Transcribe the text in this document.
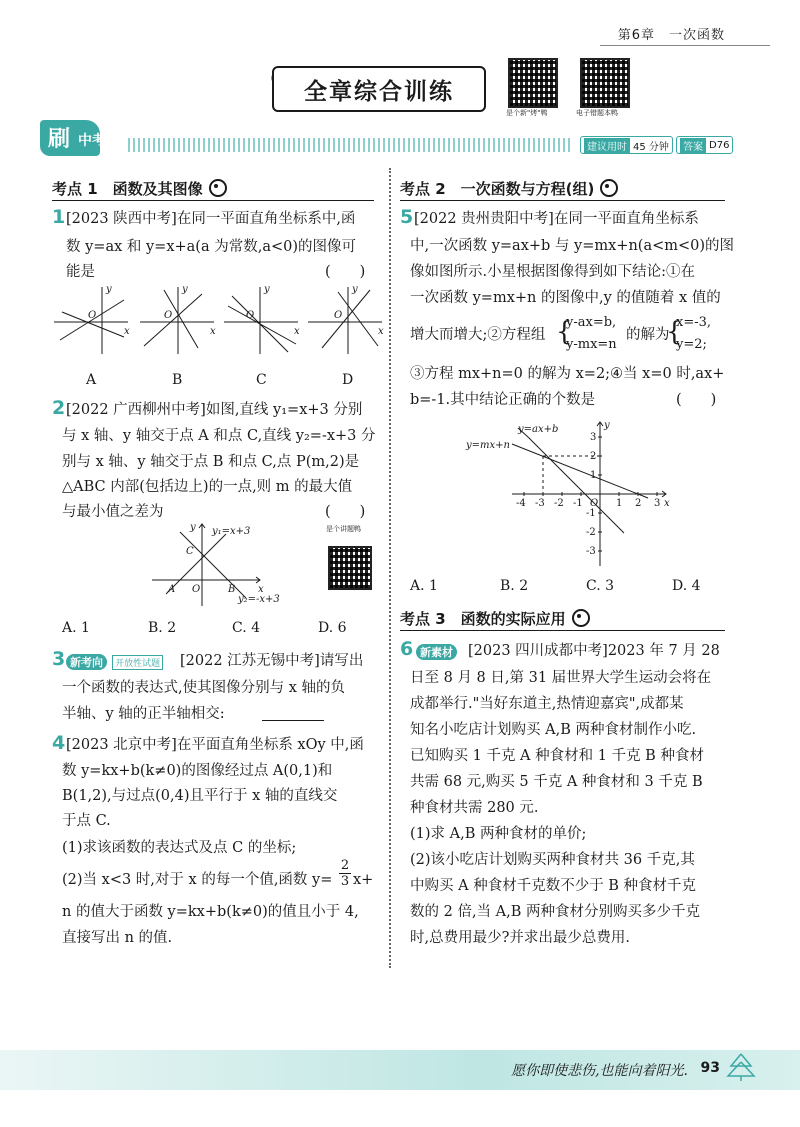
第6章　一次函数
全章综合训练
是个新"烤"鸭	电子错题本鸭
刷 中考	建议用时 45 分钟	答案 D76
考点 1　函数及其图像
1 [2023 陕西中考]在同一平面直角坐标系中,函
数 y=ax 和 y=x+a(a 为常数,a<0)的图像可
能是	(　　)
O
y
x
O
y
x
O
y
x
O
y
x
A	B	C	D
2 [2022 广西柳州中考]如图,直线 y₁=x+3 分别
与 x 轴、y 轴交于点 A 和点 C,直线 y₂=-x+3 分
别与 x 轴、y 轴交于点 B 和点 C,点 P(m,2)是
△ABC 内部(包括边上)的一点,则 m 的最大值
与最小值之差为	(　　)
y₁=x+3
y₂=-x+3
C
A O	B x
y	是个讲题鸭
A. 1	B. 2	C. 4	D. 6
3 新考向 开放性试题 [2022 江苏无锡中考]请写出
一个函数的表达式,使其图像分别与 x 轴的负
半轴、y 轴的正半轴相交:
4 [2023 北京中考]在平面直角坐标系 xOy 中,函
数 y=kx+b(k≠0)的图像经过点 A(0,1)和
B(1,2),与过点(0,4)且平行于 x 轴的直线交
于点 C.
(1)求该函数的表达式及点 C 的坐标;
(2)当 x<3 时,对于 x 的每一个值,函数 $y= \frac{2}{3} x+$
n 的值大于函数 y=kx+b(k≠0)的值且小于 4,
直接写出 n 的值.
考点 2　一次函数与方程(组)
5 [2022 贵州贵阳中考]在同一平面直角坐标系
中,一次函数 y=ax+b 与 y=mx+n(a<m<0)的图
像如图所示.小星根据图像得到如下结论:①在
一次函数 y=mx+n 的图像中,y 的值随着 x 值的
增大而增大;②方程组 {
y-ax=b,
y-mx=n
的解为
{
x=-3,
y=2;
③方程 mx+n=0 的解为 x=2;④当 x=0 时,ax+
b=-1.其中结论正确的个数是	(　　)
y=ax+b
y=mx+n
x
y
O
-4 -3 -2 -1	1 2 3
3
2
1
-1
-2
-3
A. 1	B. 2	C. 3	D. 4
考点 3　函数的实际应用
6 新素材 [2023 四川成都中考]2023 年 7 月 28
日至 8 月 8 日,第 31 届世界大学生运动会将在
成都举行."当好东道主,热情迎嘉宾",成都某
知名小吃店计划购买 A,B 两种食材制作小吃.
已知购买 1 千克 A 种食材和 1 千克 B 种食材
共需 68 元,购买 5 千克 A 种食材和 3 千克 B
种食材共需 280 元.
(1)求 A,B 两种食材的单价;
(2)该小吃店计划购买两种食材共 36 千克,其
中购买 A 种食材千克数不少于 B 种食材千克
数的 2 倍,当 A,B 两种食材分别购买多少千克
时,总费用最少?并求出最少总费用.
愿你即使悲伤,也能向着阳光. 93
